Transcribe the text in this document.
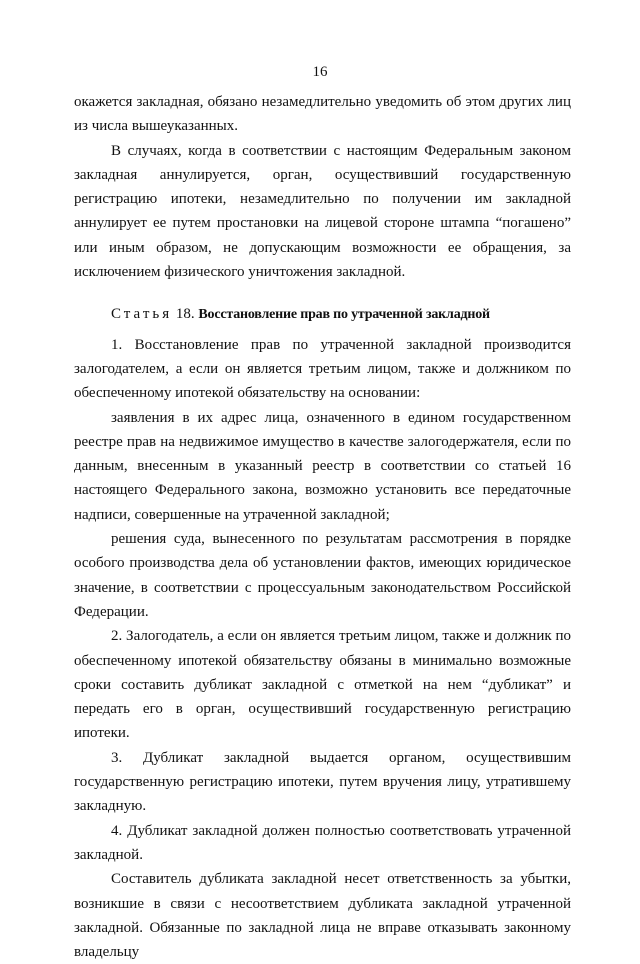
16

окажется закладная, обязано незамедлительно уведомить об этом других лиц из числа вышеуказанных.

В случаях, когда в соответствии с настоящим Федеральным законом закладная аннулируется, орган, осуществивший государственную регистрацию ипотеки, незамедлительно по получении им закладной аннулирует ее путем простановки на лицевой стороне штампа “погашено” или иным образом, не допускающим возможности ее обращения, за исключением физического уничтожения закладной.

Статья 18. Восстановление прав по утраченной закладной

1. Восстановление прав по утраченной закладной производится залогодателем, а если он является третьим лицом, также и должником по обеспеченному ипотекой обязательству на основании:

заявления в их адрес лица, означенного в едином государственном реестре прав на недвижимое имущество в качестве залогодержателя, если по данным, внесенным в указанный реестр в соответствии со статьей 16 настоящего Федерального закона, возможно установить все передаточные надписи, совершенные на утраченной закладной;

решения суда, вынесенного по результатам рассмотрения в порядке особого производства дела об установлении фактов, имеющих юридическое значение, в соответствии с процессуальным законодательством Российской Федерации.

2. Залогодатель, а если он является третьим лицом, также и должник по обеспеченному ипотекой обязательству обязаны в минимально возможные сроки составить дубликат закладной с отметкой на нем “дубликат” и передать его в орган, осуществивший государственную регистрацию ипотеки.

3. Дубликат закладной выдается органом, осуществившим государственную регистрацию ипотеки, путем вручения лицу, утратившему закладную.

4. Дубликат закладной должен полностью соответствовать утраченной закладной.

Составитель дубликата закладной несет ответственность за убытки, возникшие в связи с несоответствием дубликата закладной утраченной закладной. Обязанные по закладной лица не вправе отказывать законному владельцу
